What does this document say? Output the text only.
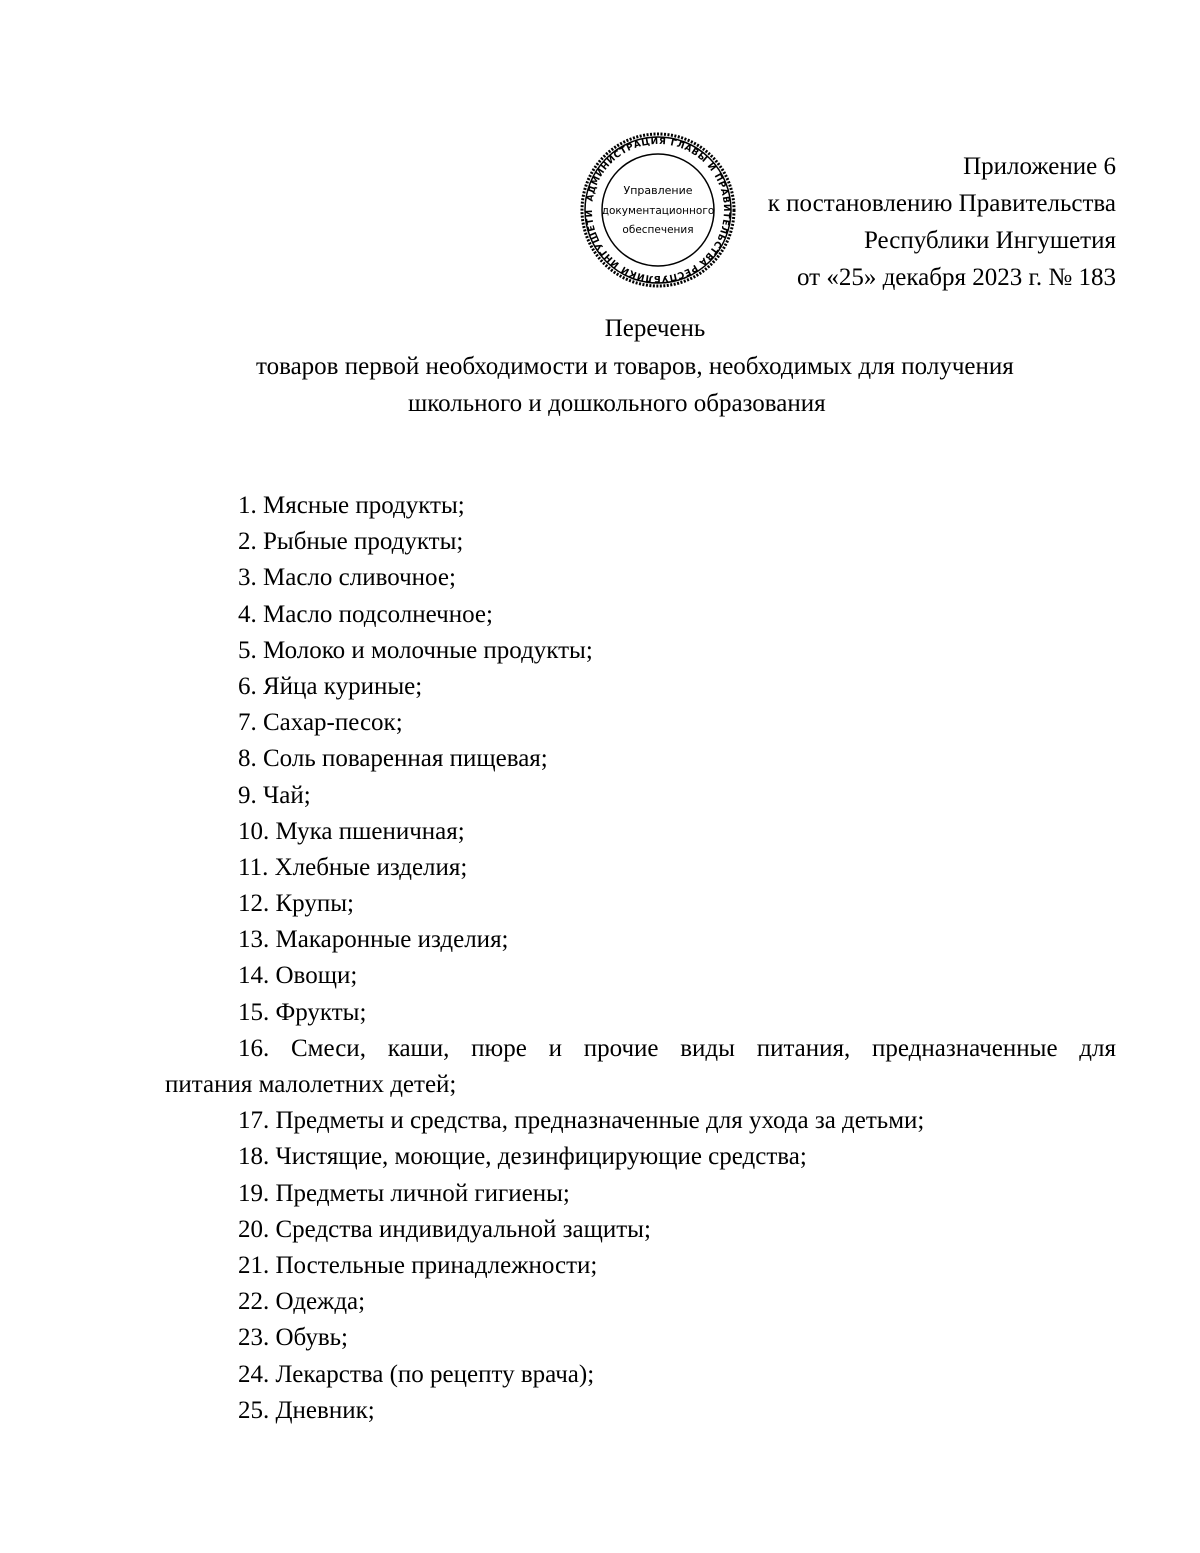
Приложение 6
к постановлению Правительства
Республики Ингушетия
от «25» декабря 2023 г. № 183
АДМИНИСТРАЦИЯ ГЛАВЫ И ПРАВИТЕЛЬСТВА РЕСПУБЛИКИ ИНГУШЕТИ
Управление
документационного
обеспечения
Перечень
товаров первой необходимости и товаров, необходимых для получения
школьного и дошкольного образования
1. Мясные продукты;
2. Рыбные продукты;
3. Масло сливочное;
4. Масло подсолнечное;
5. Молоко и молочные продукты;
6. Яйца куриные;
7. Сахар-песок;
8. Соль поваренная пищевая;
9. Чай;
10. Мука пшеничная;
11. Хлебные изделия;
12. Крупы;
13. Макаронные изделия;
14. Овощи;
15. Фрукты;
16. Смеси, каши, пюре и прочие виды питания, предназначенные для
питания малолетних детей;
17. Предметы и средства, предназначенные для ухода за детьми;
18. Чистящие, моющие, дезинфицирующие средства;
19. Предметы личной гигиены;
20. Средства индивидуальной защиты;
21. Постельные принадлежности;
22. Одежда;
23. Обувь;
24. Лекарства (по рецепту врача);
25. Дневник;
